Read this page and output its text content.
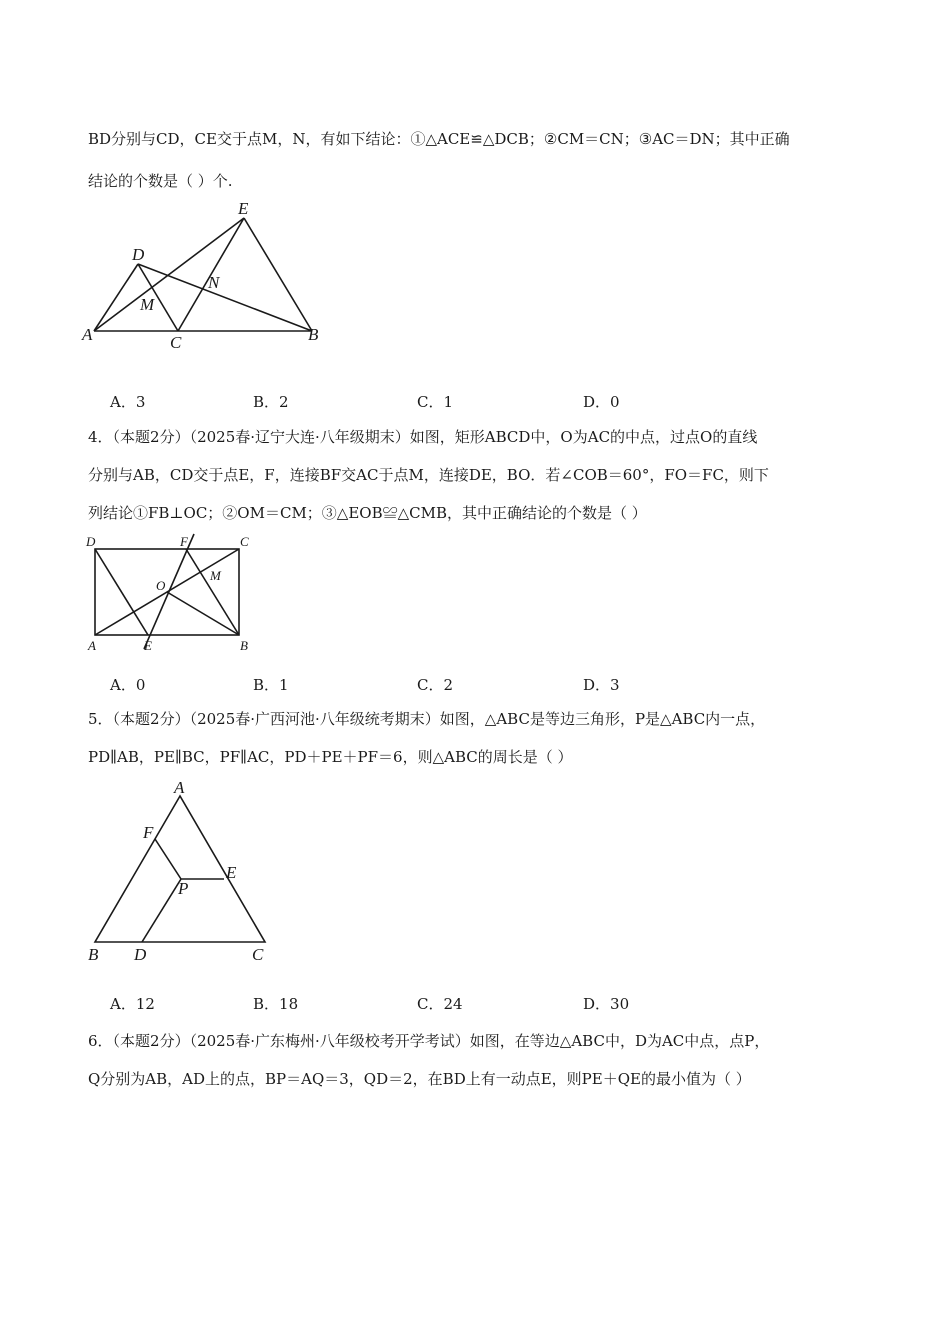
BD分别与CD，CE交于点M，N，有如下结论：①△ACE≌△DCB；②CM＝CN；③AC＝DN；其中正确
结论的个数是（ ）个.
A	B
C
D
E
M
N
A．3	B．2	C．1	D．0
4．（本题2分）（2025春·辽宁大连·八年级期末）如图，矩形ABCD中，O为AC的中点，过点O的直线
分别与AB，CD交于点E，F，连接BF交AC于点M，连接DE，BO．若∠COB＝60°，FO＝FC，则下
列结论①FB⊥OC；②OM＝CM；③△EOB≌△CMB，其中正确结论的个数是（ ）
D	F	C
A	E	B
O
M
A．0	B．1	C．2	D．3
5．（本题2分）（2025春·广西河池·八年级统考期末）如图，△ABC是等边三角形，P是△ABC内一点，
PD∥AB，PE∥BC，PF∥AC，PD＋PE＋PF＝6，则△ABC的周长是（ ）
A
B	C
D
E
F
P
A．12	B．18	C．24	D．30
6．（本题2分）（2025春·广东梅州·八年级校考开学考试）如图，在等边△ABC中，D为AC中点，点P，
Q分别为AB，AD上的点，BP＝AQ＝3，QD＝2，在BD上有一动点E，则PE＋QE的最小值为（ ）
